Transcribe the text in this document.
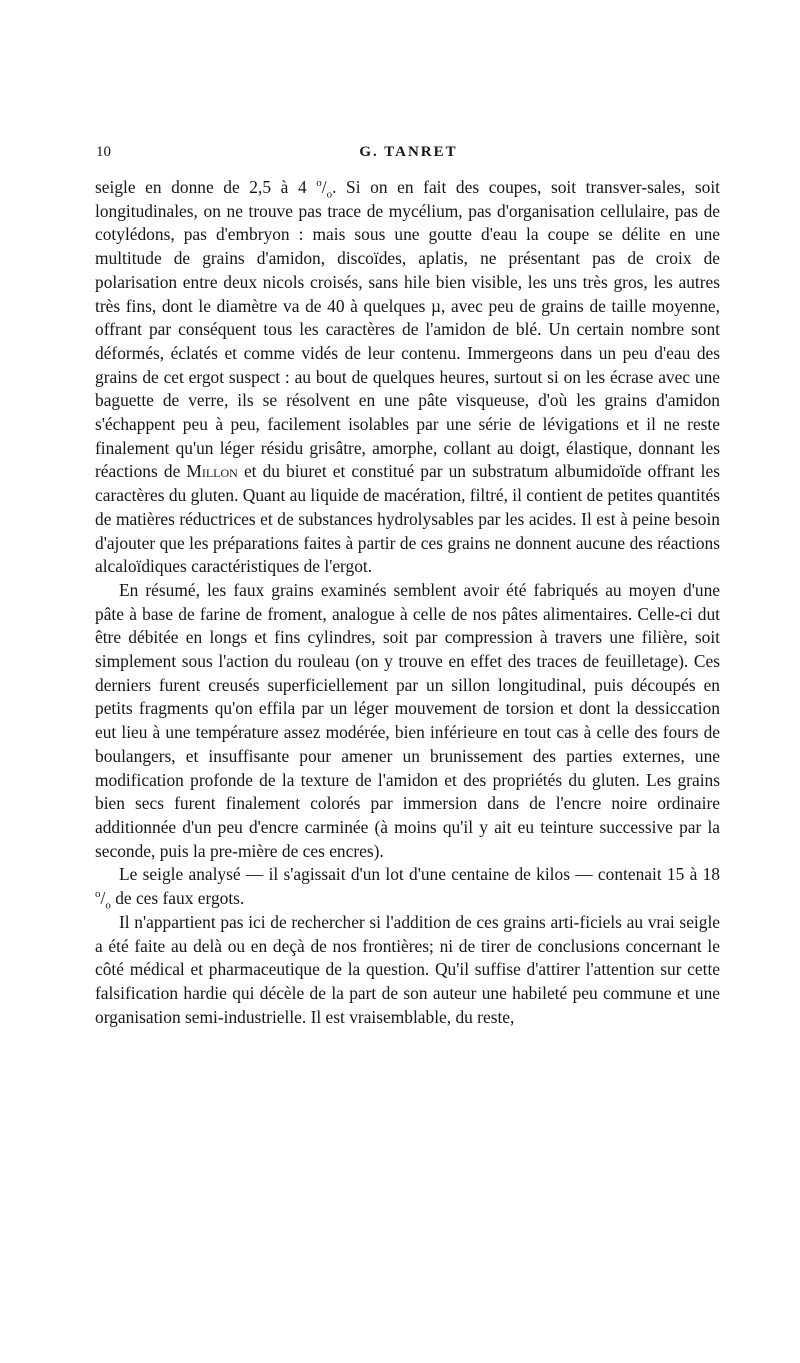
10	G. TANRET

seigle en donne de 2,5 à 4 $^o/_o$. Si on en fait des coupes, soit transver-sales, soit longitudinales, on ne trouve pas trace de mycélium, pas d'organisation cellulaire, pas de cotylédons, pas d'embryon : mais sous une goutte d'eau la coupe se délite en une multitude de grains d'amidon, discoïdes, aplatis, ne présentant pas de croix de polarisation entre deux nicols croisés, sans hile bien visible, les uns très gros, les autres très fins, dont le diamètre va de 40 à quelques µ, avec peu de grains de taille moyenne, offrant par conséquent tous les caractères de l'amidon de blé. Un certain nombre sont déformés, éclatés et comme vidés de leur contenu. Immergeons dans un peu d'eau des grains de cet ergot suspect : au bout de quelques heures, surtout si on les écrase avec une baguette de verre, ils se résolvent en une pâte visqueuse, d'où les grains d'amidon s'échappent peu à peu, facilement isolables par une série de lévigations et il ne reste finalement qu'un léger résidu grisâtre, amorphe, collant au doigt, élastique, donnant les réactions de Millon et du biuret et constitué par un substratum albumidoïde offrant les caractères du gluten. Quant au liquide de macération, filtré, il contient de petites quantités de matières réductrices et de substances hydrolysables par les acides. Il est à peine besoin d'ajouter que les préparations faites à partir de ces grains ne donnent aucune des réactions alcaloïdiques caractéristiques de l'ergot.

En résumé, les faux grains examinés semblent avoir été fabriqués au moyen d'une pâte à base de farine de froment, analogue à celle de nos pâtes alimentaires. Celle-ci dut être débitée en longs et fins cylindres, soit par compression à travers une filière, soit simplement sous l'action du rouleau (on y trouve en effet des traces de feuilletage). Ces derniers furent creusés superficiellement par un sillon longitudinal, puis découpés en petits fragments qu'on effila par un léger mouvement de torsion et dont la dessiccation eut lieu à une température assez modérée, bien inférieure en tout cas à celle des fours de boulangers, et insuffisante pour amener un brunissement des parties externes, une modification profonde de la texture de l'amidon et des propriétés du gluten. Les grains bien secs furent finalement colorés par immersion dans de l'encre noire ordinaire additionnée d'un peu d'encre carminée (à moins qu'il y ait eu teinture successive par la seconde, puis la pre-mière de ces encres).

Le seigle analysé — il s'agissait d'un lot d'une centaine de kilos — contenait 15 à 18 $^o/_o$ de ces faux ergots.

Il n'appartient pas ici de rechercher si l'addition de ces grains arti-ficiels au vrai seigle a été faite au delà ou en deçà de nos frontières; ni de tirer de conclusions concernant le côté médical et pharmaceutique de la question. Qu'il suffise d'attirer l'attention sur cette falsification hardie qui décèle de la part de son auteur une habileté peu commune et une organisation semi-industrielle. Il est vraisemblable, du reste,
